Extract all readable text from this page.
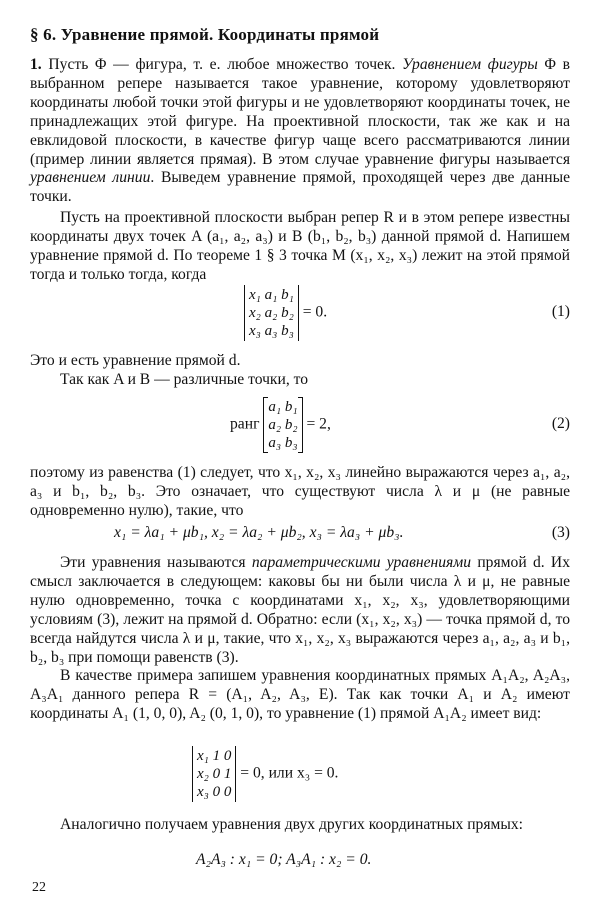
§ 6. Уравнение прямой. Координаты прямой

1. Пусть Φ — фигура, т. е. любое множество точек. Уравнением фигуры Φ в выбранном репере называется такое уравнение, которому удовлетворяют координаты любой точки этой фигуры и не удовлетворяют координаты точек, не принадлежащих этой фигуре. На проективной плоскости, так же как и на евклидовой плоскости, в качестве фигур чаще всего рассматриваются линии (пример линии является прямая). В этом случае уравнение фигуры называется уравнением линии. Выведем уравнение прямой, проходящей через две данные точки.

Пусть на проективной плоскости выбран репер R и в этом репере известны координаты двух точек A (a₁, a₂, a₃) и B (b₁, b₂, b₃) данной прямой d. Напишем уравнение прямой d. По теореме 1 § 3 точка M (x₁, x₂, x₃) лежит на этой прямой тогда и только тогда, когда

x₁ a₁ b₁
x₂ a₂ b₂
x₃ a₃ b₃
= 0.	(1)

Это и есть уравнение прямой d.

Так как A и B — различные точки, то

ранг
a₁ b₁
a₂ b₂
a₃ b₃
= 2,	(2)

поэтому из равенства (1) следует, что x₁, x₂, x₃ линейно выражаются через a₁, a₂, a₃ и b₁, b₂, b₃. Это означает, что существуют числа λ и μ (не равные одновременно нулю), такие, что

x₁ = λa₁ + μb₁, x₂ = λa₂ + μb₂, x₃ = λa₃ + μb₃.	(3)

Эти уравнения называются параметрическими уравнениями прямой d. Их смысл заключается в следующем: каковы бы ни были числа λ и μ, не равные нулю одновременно, точка с координатами x₁, x₂, x₃, удовлетворяющими условиям (3), лежит на прямой d. Обратно: если (x₁, x₂, x₃) — точка прямой d, то всегда найдутся числа λ и μ, такие, что x₁, x₂, x₃ выражаются через a₁, a₂, a₃ и b₁, b₂, b₃ при помощи равенств (3).

В качестве примера запишем уравнения координатных прямых A₁A₂, A₂A₃, A₃A₁ данного репера R = (A₁, A₂, A₃, E). Так как точки A₁ и A₂ имеют координаты A₁ (1, 0, 0), A₂ (0, 1, 0), то уравнение (1) прямой A₁A₂ имеет вид:

x₁ 1 0
x₂ 0 1
x₃ 0 0
= 0, или x₃ = 0.

Аналогично получаем уравнения двух других координатных прямых:

A₂A₃ : x₁ = 0; A₃A₁ : x₂ = 0.
22
